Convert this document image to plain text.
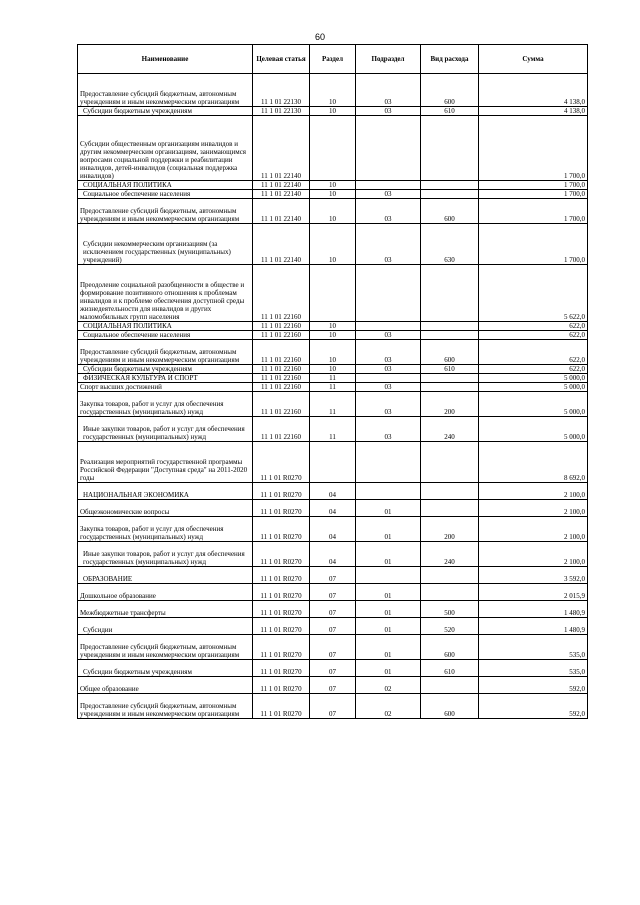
60
Наименование	Целевая статья	Раздел	Подраздел	Вид расхода	Сумма
Предоставление субсидий бюджетным, автономным учреждениям и иным некоммерческим организациям	11 1 01 22130	10	03	600	4 138,0
Субсидии бюджетным учреждениям	11 1 01 22130	10	03	610	4 138,0
Субсидии общественным организациям инвалидов и другим некоммерческим организациям, занимающимся вопросами социальной поддержки и реабилитации инвалидов, детей-инвалидов (социальная поддержка инвалидов)	11 1 01 22140				1 700,0
СОЦИАЛЬНАЯ ПОЛИТИКА	11 1 01 22140	10			1 700,0
Социальное обеспечение населения	11 1 01 22140	10	03		1 700,0
Предоставление субсидий бюджетным, автономным учреждениям и иным некоммерческим организациям	11 1 01 22140	10	03	600	1 700,0
Субсидии некоммерческим организациям (за исключением государственных (муниципальных) учреждений)	11 1 01 22140	10	03	630	1 700,0
Преодоление социальной разобщенности в обществе и формирование позитивного отношения к проблемам инвалидов и к проблеме обеспечения доступной среды жизнедеятельности для инвалидов и других маломобильных групп населения	11 1 01 22160				5 622,0
СОЦИАЛЬНАЯ ПОЛИТИКА	11 1 01 22160	10			622,0
Социальное обеспечение населения	11 1 01 22160	10	03		622,0
Предоставление субсидий бюджетным, автономным учреждениям и иным некоммерческим организациям	11 1 01 22160	10	03	600	622,0
Субсидии бюджетным учреждениям	11 1 01 22160	10	03	610	622,0
ФИЗИЧЕСКАЯ КУЛЬТУРА И СПОРТ	11 1 01 22160	11			5 000,0
Спорт высших достижений	11 1 01 22160	11	03		5 000,0
Закупка товаров, работ и услуг для обеспечения государственных (муниципальных) нужд	11 1 01 22160	11	03	200	5 000,0
Иные закупки товаров, работ и услуг для обеспечения государственных (муниципальных) нужд	11 1 01 22160	11	03	240	5 000,0
Реализация мероприятий государственной программы Российской Федерации "Доступная среда" на 2011-2020 годы	11 1 01 R0270				8 692,0
НАЦИОНАЛЬНАЯ ЭКОНОМИКА	11 1 01 R0270	04			2 100,0
Общеэкономические вопросы	11 1 01 R0270	04	01		2 100,0
Закупка товаров, работ и услуг для обеспечения государственных (муниципальных) нужд	11 1 01 R0270	04	01	200	2 100,0
Иные закупки товаров, работ и услуг для обеспечения государственных (муниципальных) нужд	11 1 01 R0270	04	01	240	2 100,0
ОБРАЗОВАНИЕ	11 1 01 R0270	07			3 592,0
Дошкольное образование	11 1 01 R0270	07	01		2 015,9
Межбюджетные трансферты	11 1 01 R0270	07	01	500	1 480,9
Субсидии	11 1 01 R0270	07	01	520	1 480,9
Предоставление субсидий бюджетным, автономным учреждениям и иным некоммерческим организациям	11 1 01 R0270	07	01	600	535,0
Субсидии бюджетным учреждениям	11 1 01 R0270	07	01	610	535,0
Общее образование	11 1 01 R0270	07	02		592,0
Предоставление субсидий бюджетным, автономным учреждениям и иным некоммерческим организациям	11 1 01 R0270	07	02	600	592,0
